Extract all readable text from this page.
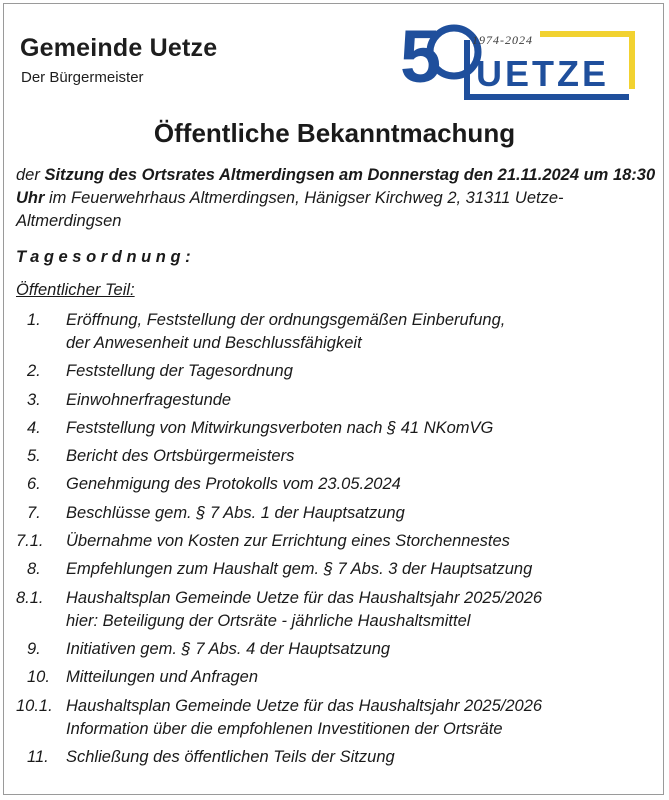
Gemeinde Uetze
Der Bürgermeister	5	1974-2024
UETZE
Öffentliche Bekanntmachung

der Sitzung des Ortsrates Altmerdingsen am Donnerstag den 21.11.2024 um 18:30 Uhr im Feuerwehrhaus Altmerdingsen, Hänigser Kirchweg 2, 31311 Uetze-Altmerdingsen

Tagesordnung:
Öffentlicher Teil:
1.	Eröffnung, Feststellung der ordnungsgemäßen Einberufung,
der Anwesenheit und Beschlussfähigkeit
2.	Feststellung der Tagesordnung
3.	Einwohnerfragestunde
4.	Feststellung von Mitwirkungsverboten nach § 41 NKomVG
5.	Bericht des Ortsbürgermeisters
6.	Genehmigung des Protokolls vom 23.05.2024
7.	Beschlüsse gem. § 7 Abs. 1 der Hauptsatzung
7.1.	Übernahme von Kosten zur Errichtung eines Storchennestes
8.	Empfehlungen zum Haushalt gem. § 7 Abs. 3 der Hauptsatzung
8.1.	Haushaltsplan Gemeinde Uetze für das Haushaltsjahr 2025/2026
hier: Beteiligung der Ortsräte - jährliche Haushaltsmittel
9.	Initiativen gem. § 7 Abs. 4 der Hauptsatzung
10. Mitteilungen und Anfragen
10.1. Haushaltsplan Gemeinde Uetze für das Haushaltsjahr 2025/2026
Information über die empfohlenen Investitionen der Ortsräte
11.	Schließung des öffentlichen Teils der Sitzung
